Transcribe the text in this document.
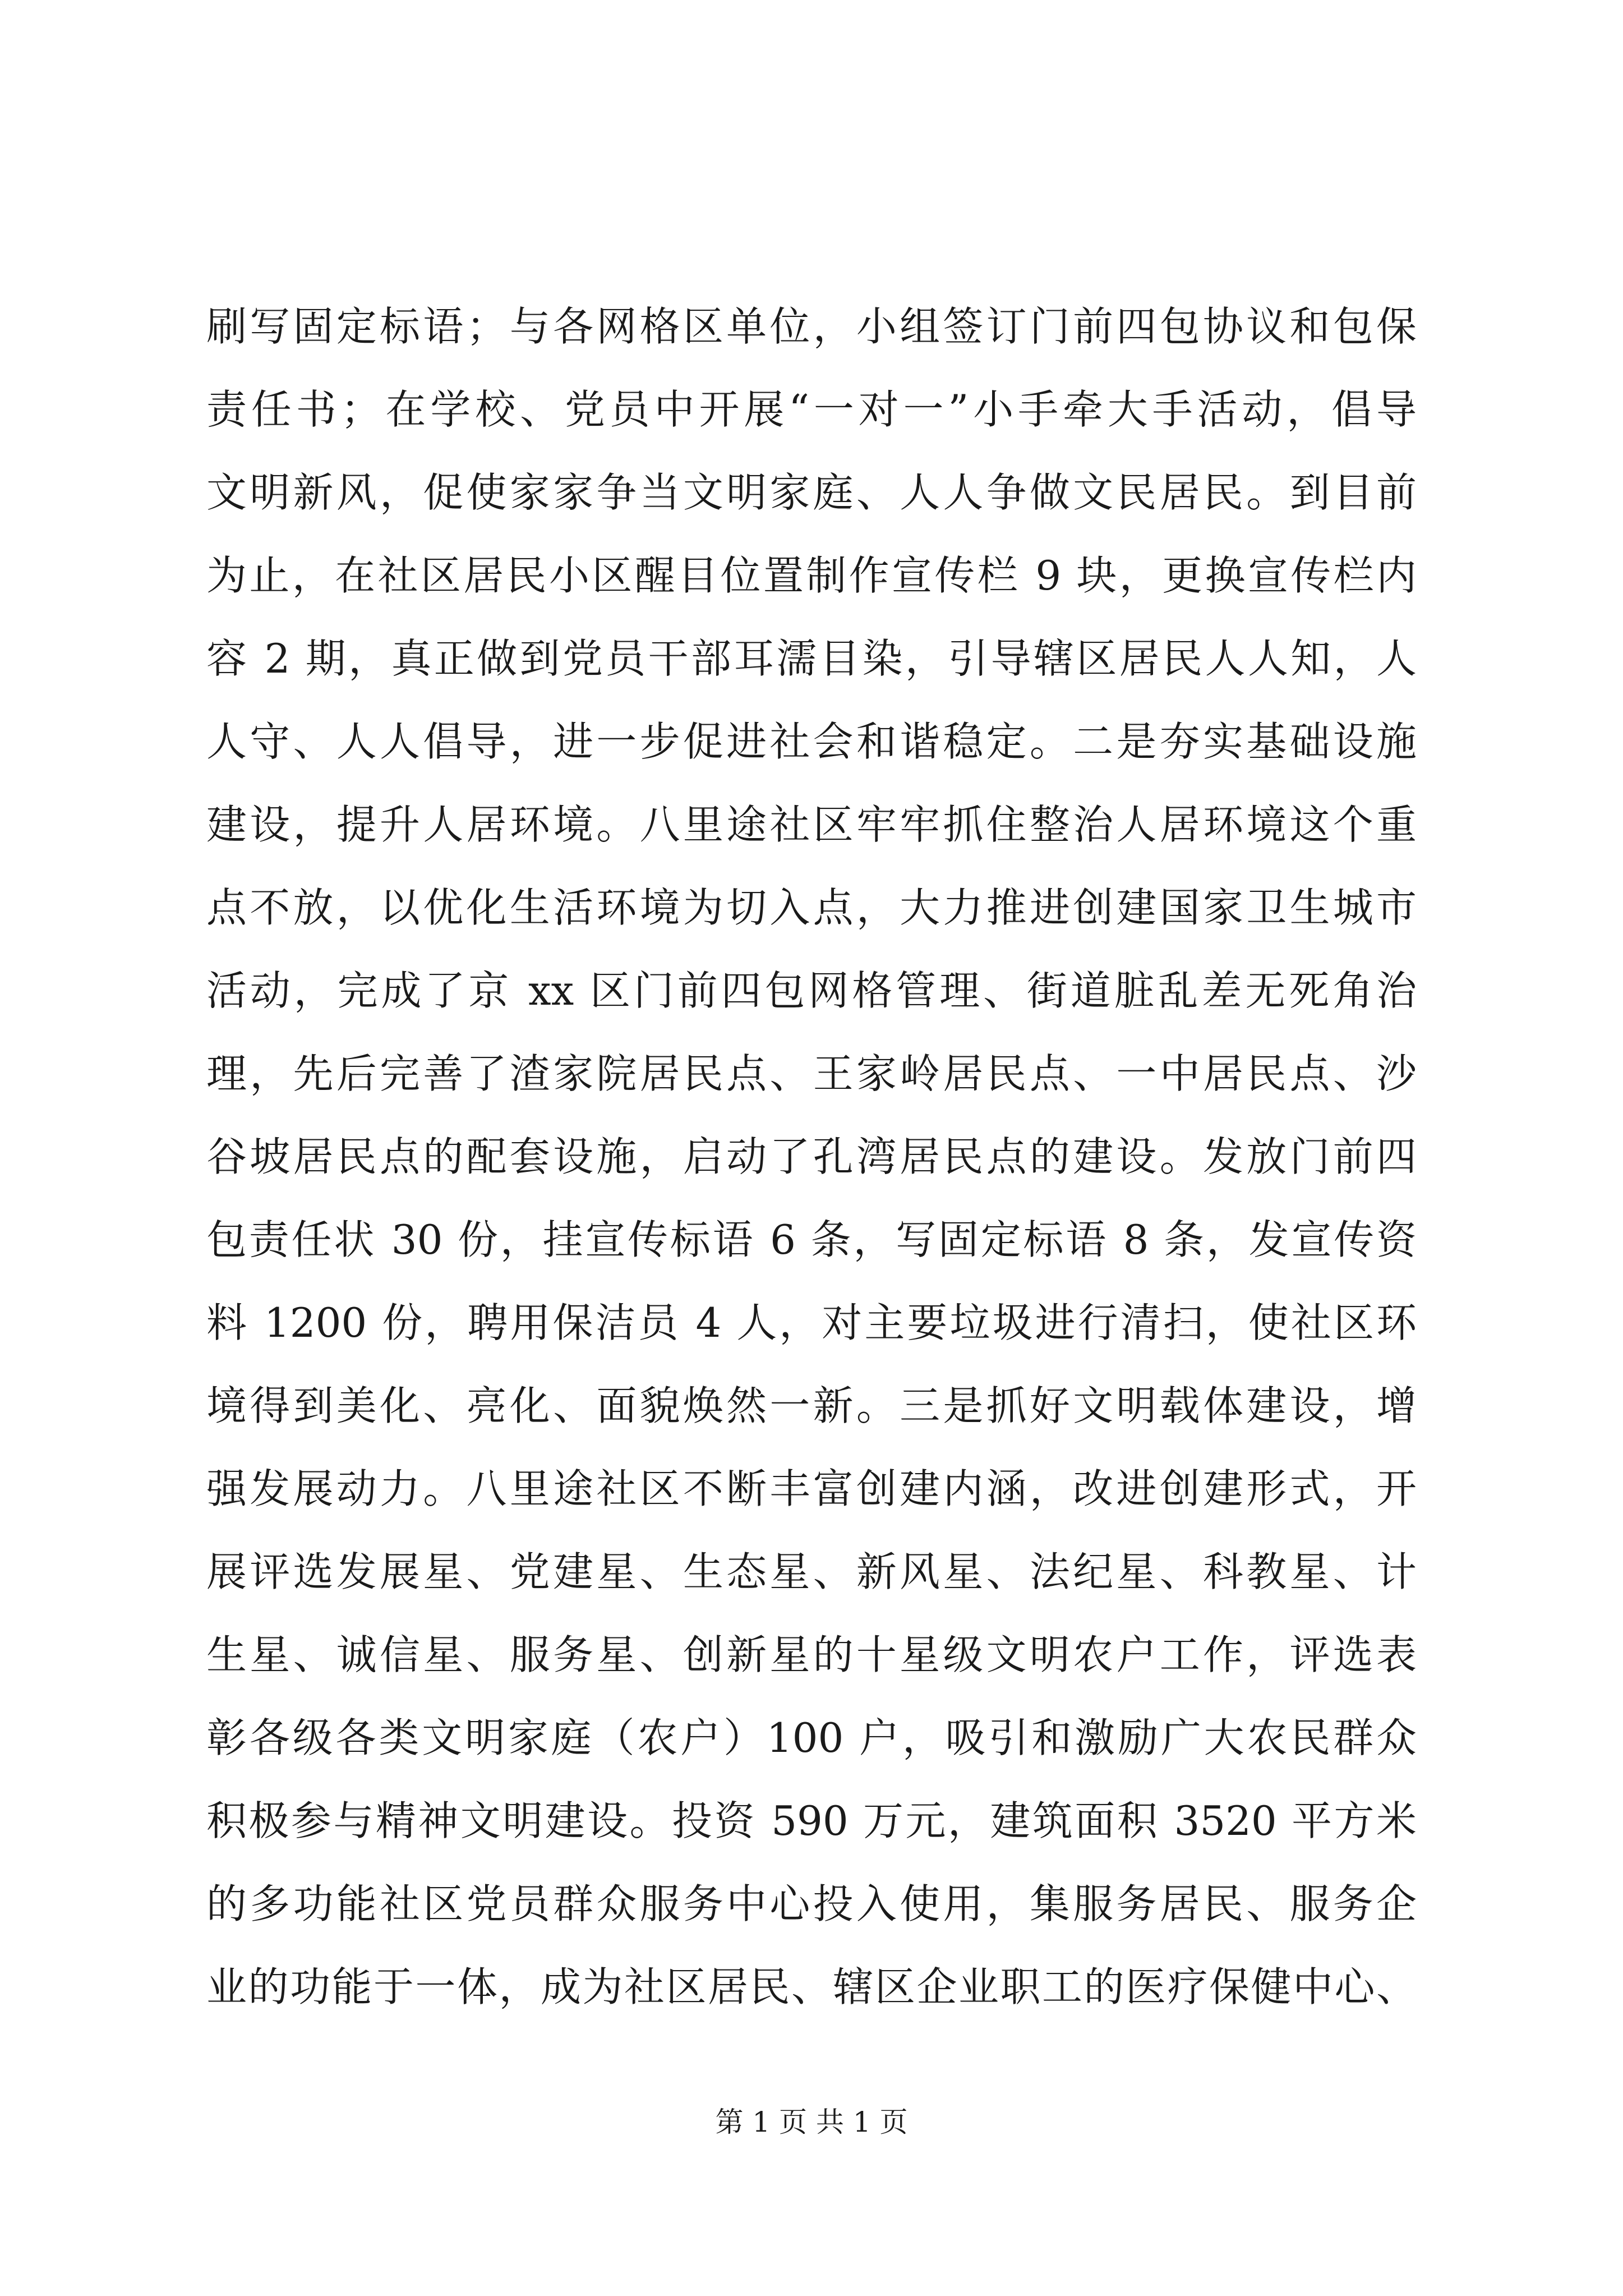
刷写固定标语；与各网格区单位，小组签订门前四包协议和包保
责任书；在学校、党员中开展“一对一”小手牵大手活动，倡导
文明新风，促使家家争当文明家庭、人人争做文民居民。到目前
为止，在社区居民小区醒目位置制作宣传栏 9 块，更换宣传栏内
容 2 期，真正做到党员干部耳濡目染，引导辖区居民人人知，人
人守、人人倡导，进一步促进社会和谐稳定。二是夯实基础设施
建设，提升人居环境。八里途社区牢牢抓住整治人居环境这个重
点不放，以优化生活环境为切入点，大力推进创建国家卫生城市
活动，完成了京 xx 区门前四包网格管理、街道脏乱差无死角治
理，先后完善了渣家院居民点、王家岭居民点、一中居民点、沙
谷坡居民点的配套设施，启动了孔湾居民点的建设。发放门前四
包责任状 30 份，挂宣传标语 6 条，写固定标语 8 条，发宣传资
料 1200 份，聘用保洁员 4 人，对主要垃圾进行清扫，使社区环
境得到美化、亮化、面貌焕然一新。三是抓好文明载体建设，增
强发展动力。八里途社区不断丰富创建内涵，改进创建形式，开
展评选发展星、党建星、生态星、新风星、法纪星、科教星、计
生星、诚信星、服务星、创新星的十星级文明农户工作，评选表
彰各级各类文明家庭（农户）100 户，吸引和激励广大农民群众
积极参与精神文明建设。投资 590 万元，建筑面积 3520 平方米
的多功能社区党员群众服务中心投入使用，集服务居民、服务企
业的功能于一体，成为社区居民、辖区企业职工的医疗保健中心、
第 1 页 共 1 页
